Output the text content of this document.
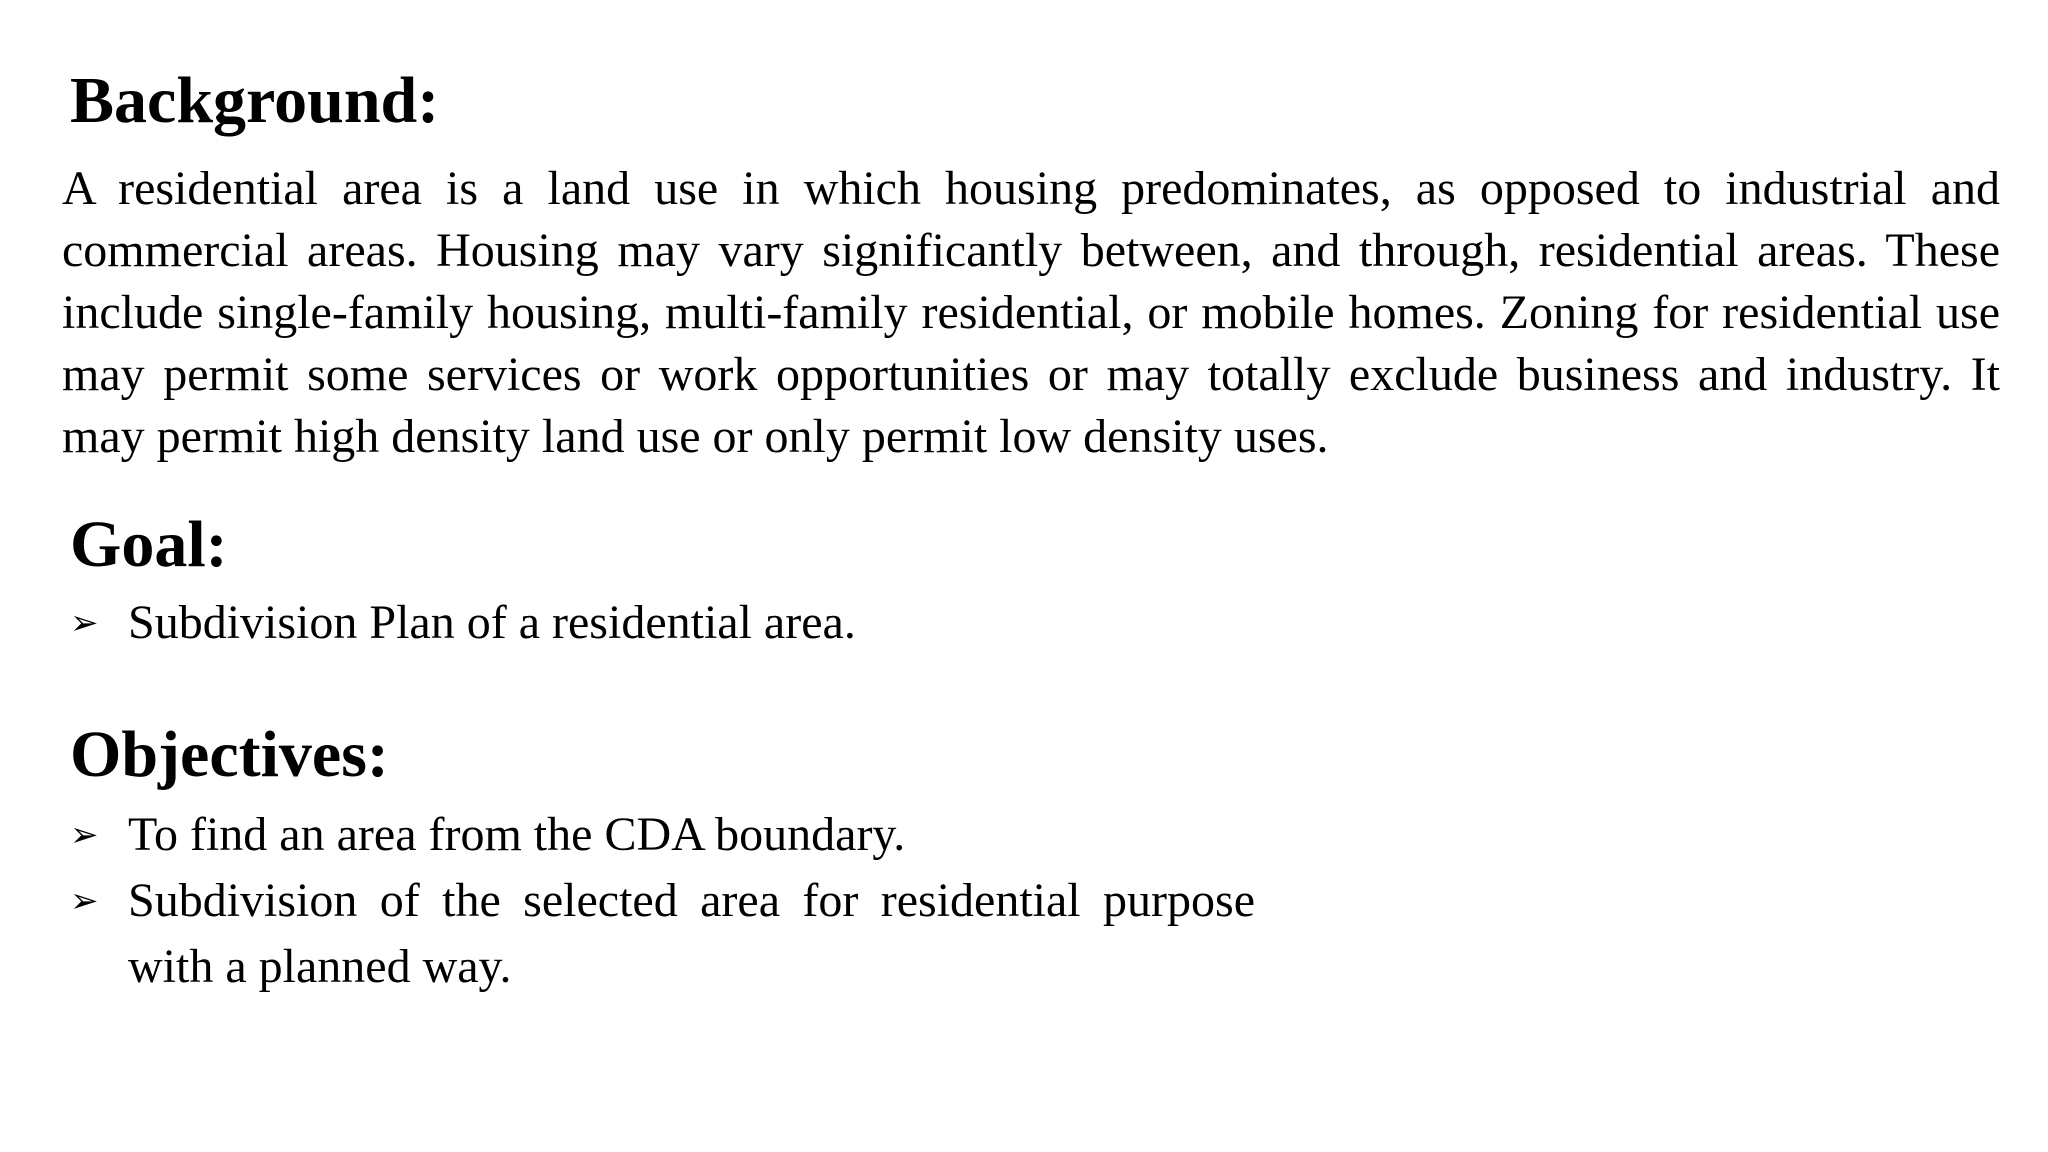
Background:

A residential area is a land use in which housing predominates, as opposed to industrial and commercial areas. Housing may vary significantly between, and through, residential areas. These include single-family housing, multi-family residential, or mobile homes. Zoning for residential use may permit some services or work opportunities or may totally exclude business and industry. It may permit high density land use or only permit low density uses.

Goal:
➢ Subdivision Plan of a residential area.
Objectives:
➢ To find an area from the CDA boundary.
➢ Subdivision of the selected area for residential purpose with a planned way.
